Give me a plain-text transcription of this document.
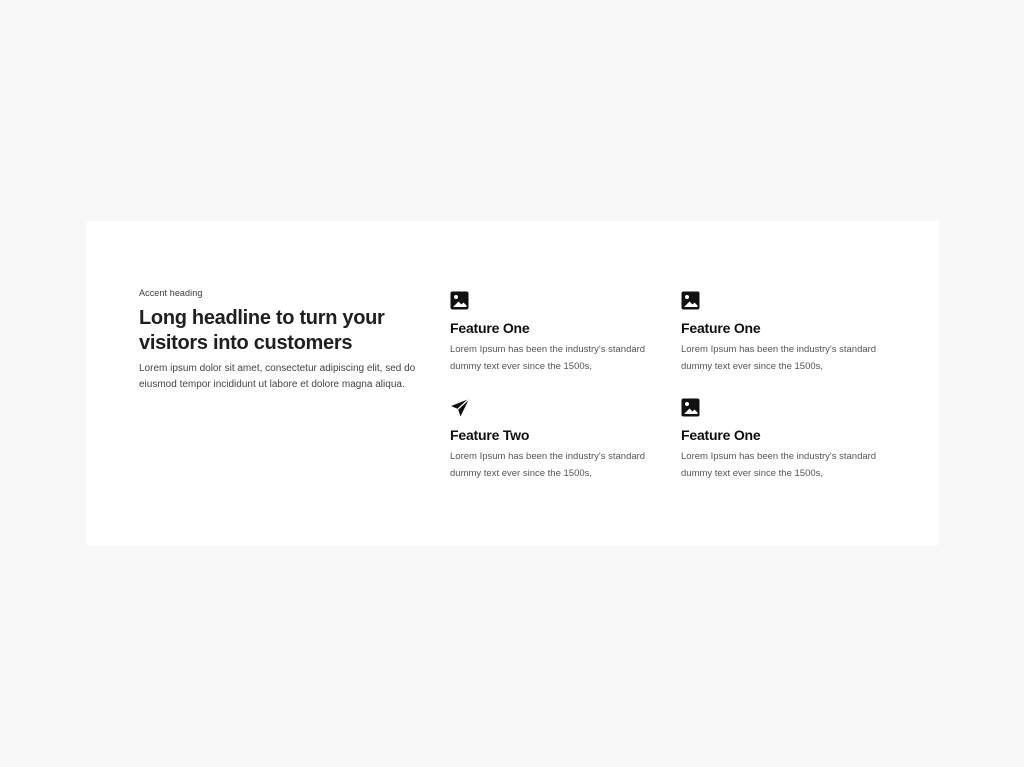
Accent heading

Long headline to turn your visitors into customers

Lorem ipsum dolor sit amet, consectetur adipiscing elit, sed do eiusmod tempor incididunt ut labore et dolore magna aliqua.

Feature One

Lorem Ipsum has been the industry's standard dummy text ever since the 1500s,

Feature One

Lorem Ipsum has been the industry's standard dummy text ever since the 1500s,

Feature Two

Lorem Ipsum has been the industry's standard dummy text ever since the 1500s,

Feature One

Lorem Ipsum has been the industry's standard dummy text ever since the 1500s,
